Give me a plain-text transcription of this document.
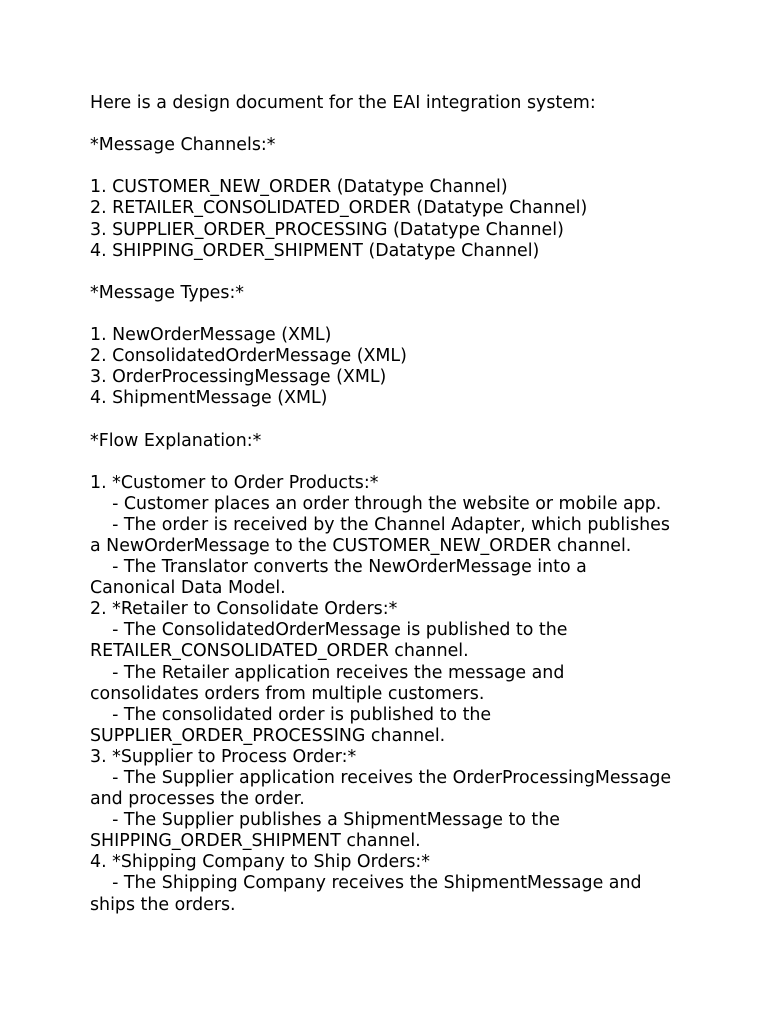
Here is a design document for the EAI integration system:
*Message Channels:*
1. CUSTOMER_NEW_ORDER (Datatype Channel)
2. RETAILER_CONSOLIDATED_ORDER (Datatype Channel)
3. SUPPLIER_ORDER_PROCESSING (Datatype Channel)
4. SHIPPING_ORDER_SHIPMENT (Datatype Channel)
*Message Types:*
1. NewOrderMessage (XML)
2. ConsolidatedOrderMessage (XML)
3. OrderProcessingMessage (XML)
4. ShipmentMessage (XML)
*Flow Explanation:*
1. *Customer to Order Products:*
- Customer places an order through the website or mobile app.
- The order is received by the Channel Adapter, which publishes
a NewOrderMessage to the CUSTOMER_NEW_ORDER channel.
- The Translator converts the NewOrderMessage into a
Canonical Data Model.
2. *Retailer to Consolidate Orders:*
- The ConsolidatedOrderMessage is published to the
RETAILER_CONSOLIDATED_ORDER channel.
- The Retailer application receives the message and
consolidates orders from multiple customers.
- The consolidated order is published to the
SUPPLIER_ORDER_PROCESSING channel.
3. *Supplier to Process Order:*
- The Supplier application receives the OrderProcessingMessage
and processes the order.
- The Supplier publishes a ShipmentMessage to the
SHIPPING_ORDER_SHIPMENT channel.
4. *Shipping Company to Ship Orders:*
- The Shipping Company receives the ShipmentMessage and
ships the orders.
